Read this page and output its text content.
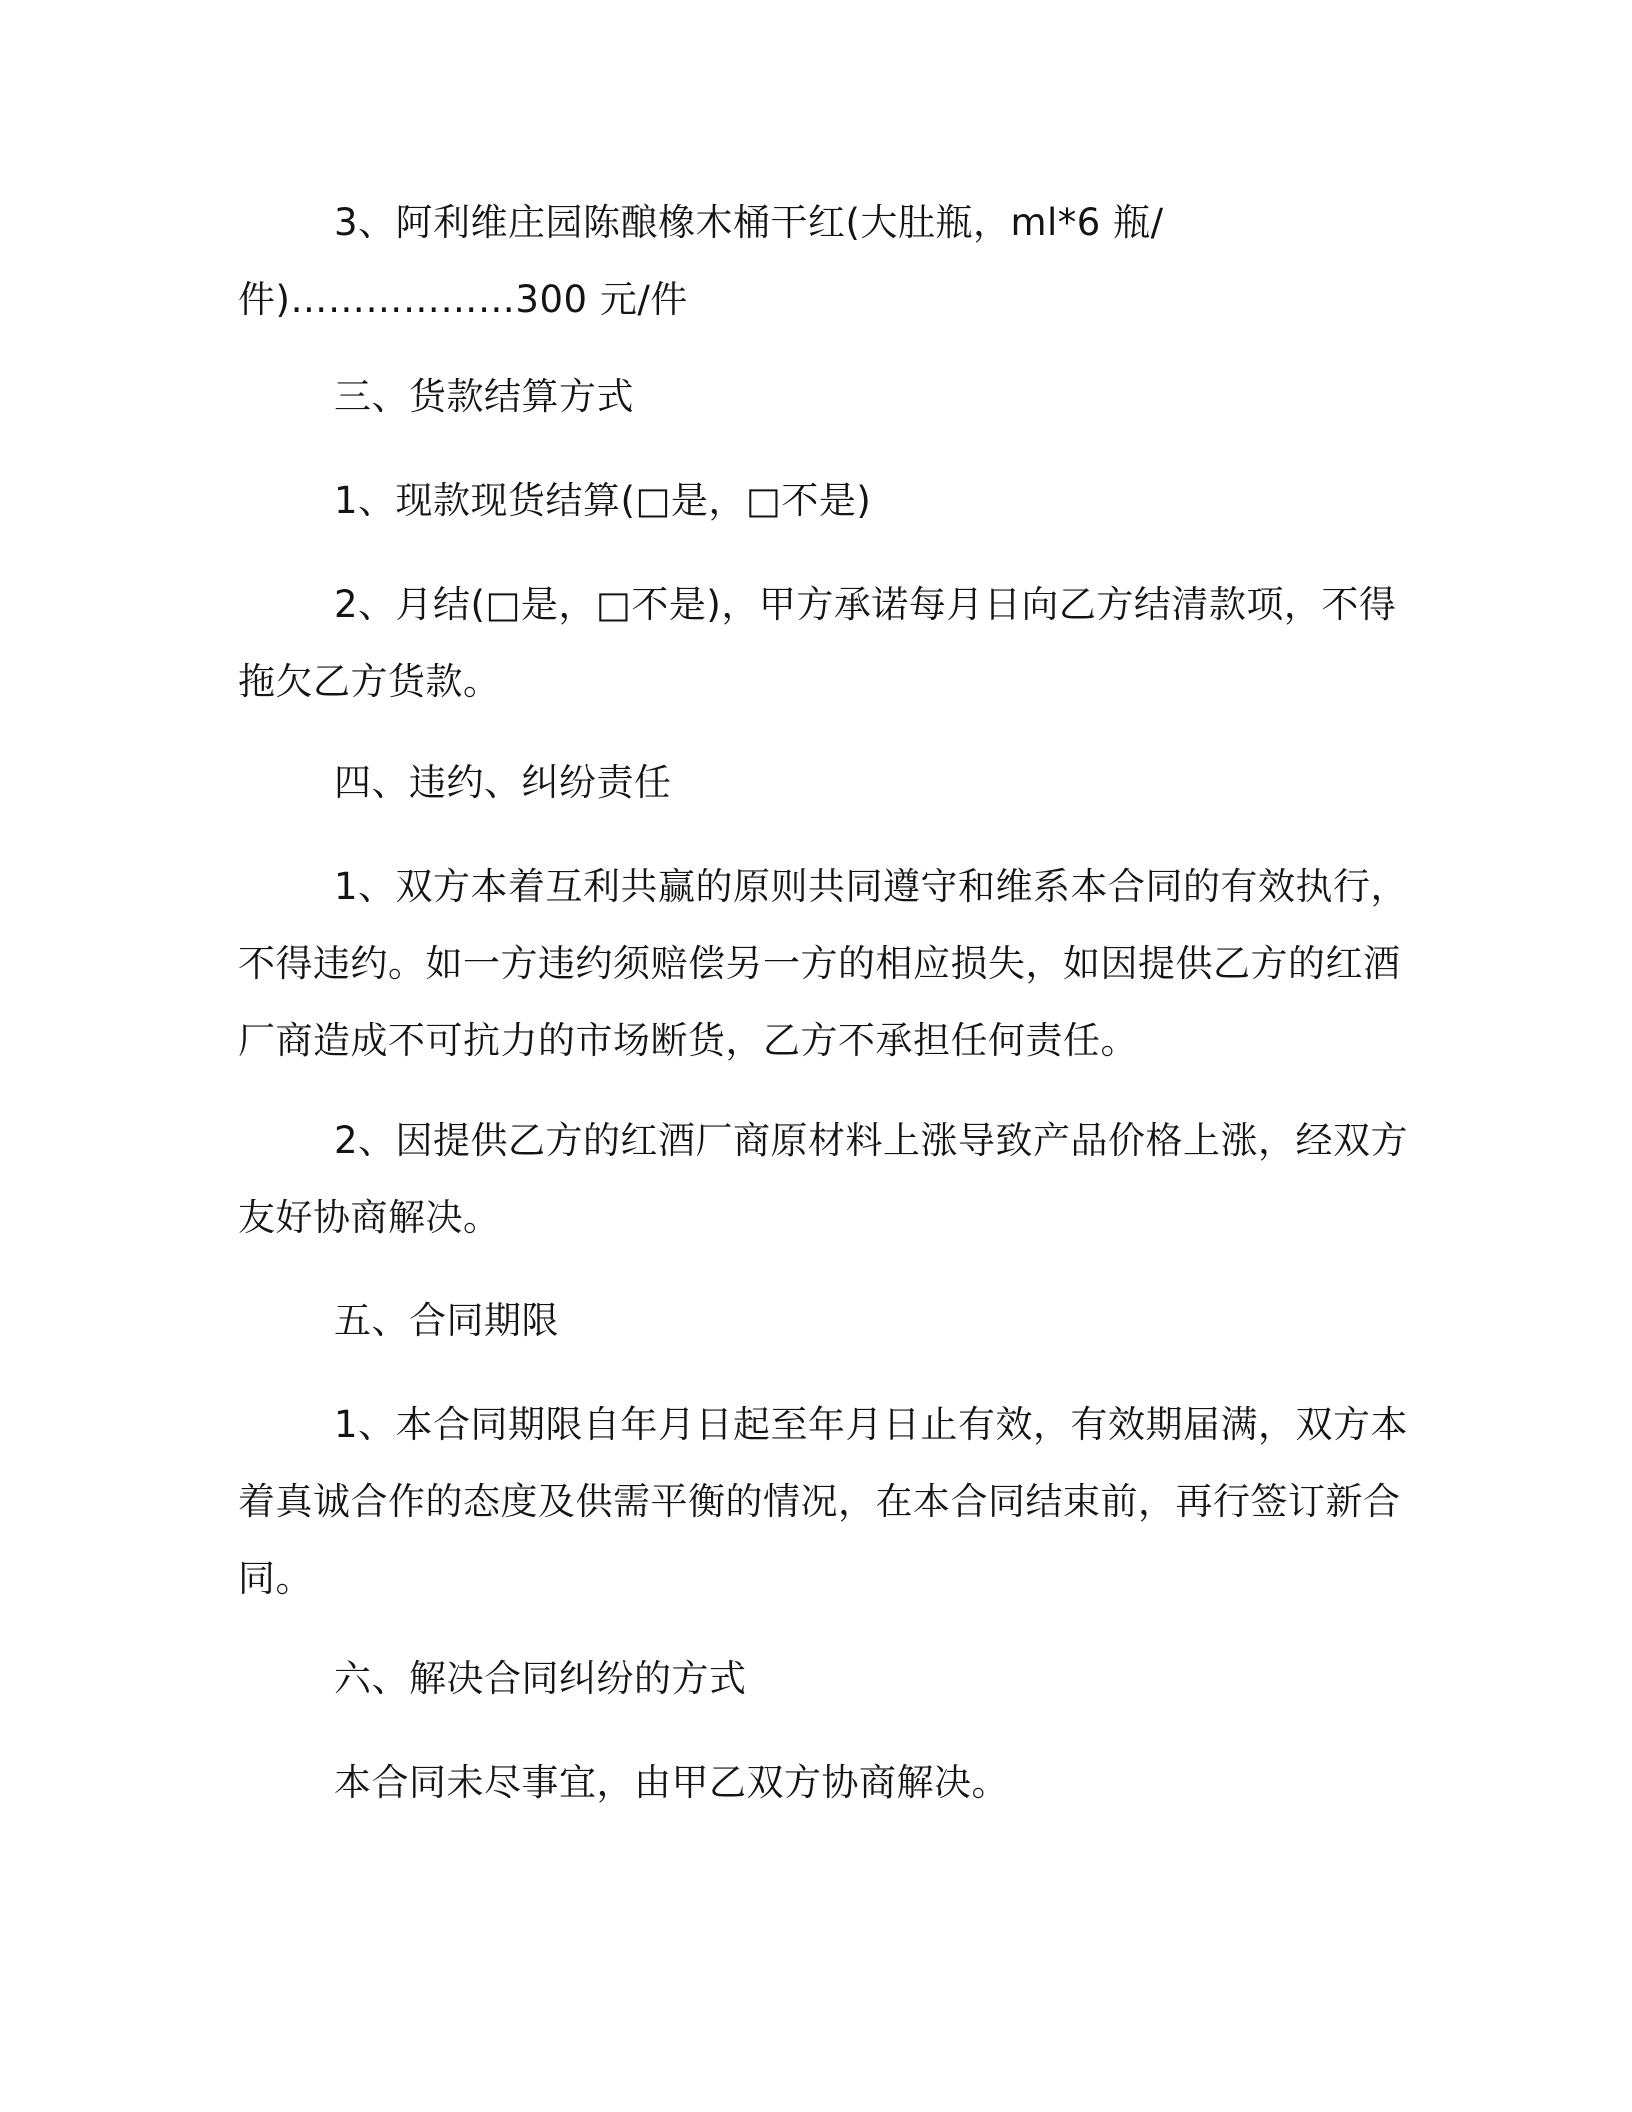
3、阿利维庄园陈酿橡木桶干红(大肚瓶，ml*6 瓶/件)………………300 元/件

三、货款结算方式

1、现款现货结算(□是，□不是)

2、月结(□是，□不是)，甲方承诺每月日向乙方结清款项，不得拖欠乙方货款。

四、违约、纠纷责任

1、双方本着互利共赢的原则共同遵守和维系本合同的有效执行，不得违约。如一方违约须赔偿另一方的相应损失，如因提供乙方的红酒厂商造成不可抗力的市场断货，乙方不承担任何责任。

2、因提供乙方的红酒厂商原材料上涨导致产品价格上涨，经双方友好协商解决。

五、合同期限

1、本合同期限自年月日起至年月日止有效，有效期届满，双方本着真诚合作的态度及供需平衡的情况，在本合同结束前，再行签订新合同。

六、解决合同纠纷的方式

本合同未尽事宜，由甲乙双方协商解决。
